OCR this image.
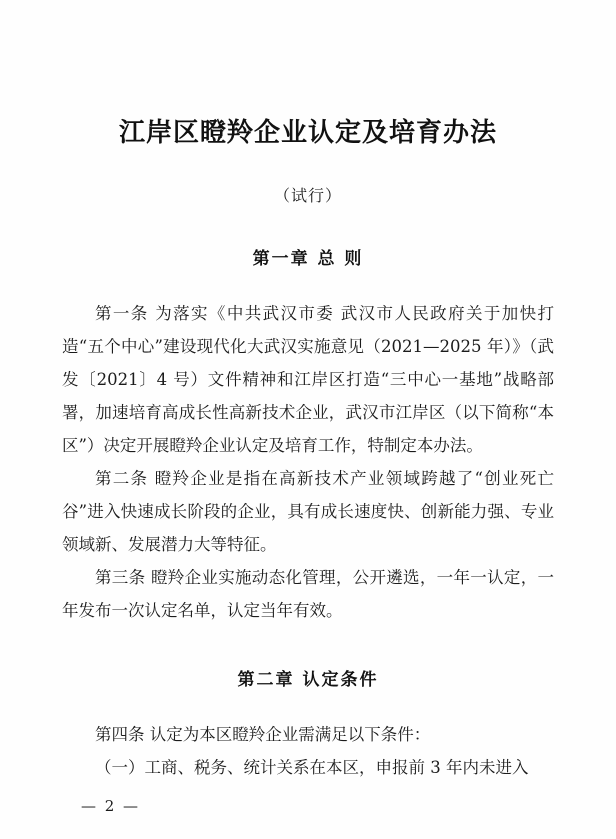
江岸区瞪羚企业认定及培育办法
（试行）
第一章 总 则

第一条 为落实《中共武汉市委 武汉市人民政府关于加快打造“五个中心”建设现代化大武汉实施意见（2021—2025 年）》（武发〔2021〕4 号）文件精神和江岸区打造“三中心一基地”战略部署，加速培育高成长性高新技术企业，武汉市江岸区（以下简称“本区”）决定开展瞪羚企业认定及培育工作，特制定本办法。

第二条 瞪羚企业是指在高新技术产业领域跨越了“创业死亡谷”进入快速成长阶段的企业，具有成长速度快、创新能力强、专业领域新、发展潜力大等特征。

第三条 瞪羚企业实施动态化管理，公开遴选，一年一认定，一年发布一次认定名单，认定当年有效。

第二章 认定条件

第四条 认定为本区瞪羚企业需满足以下条件：

（一）工商、税务、统计关系在本区，申报前 3 年内未进入

— 2 —
